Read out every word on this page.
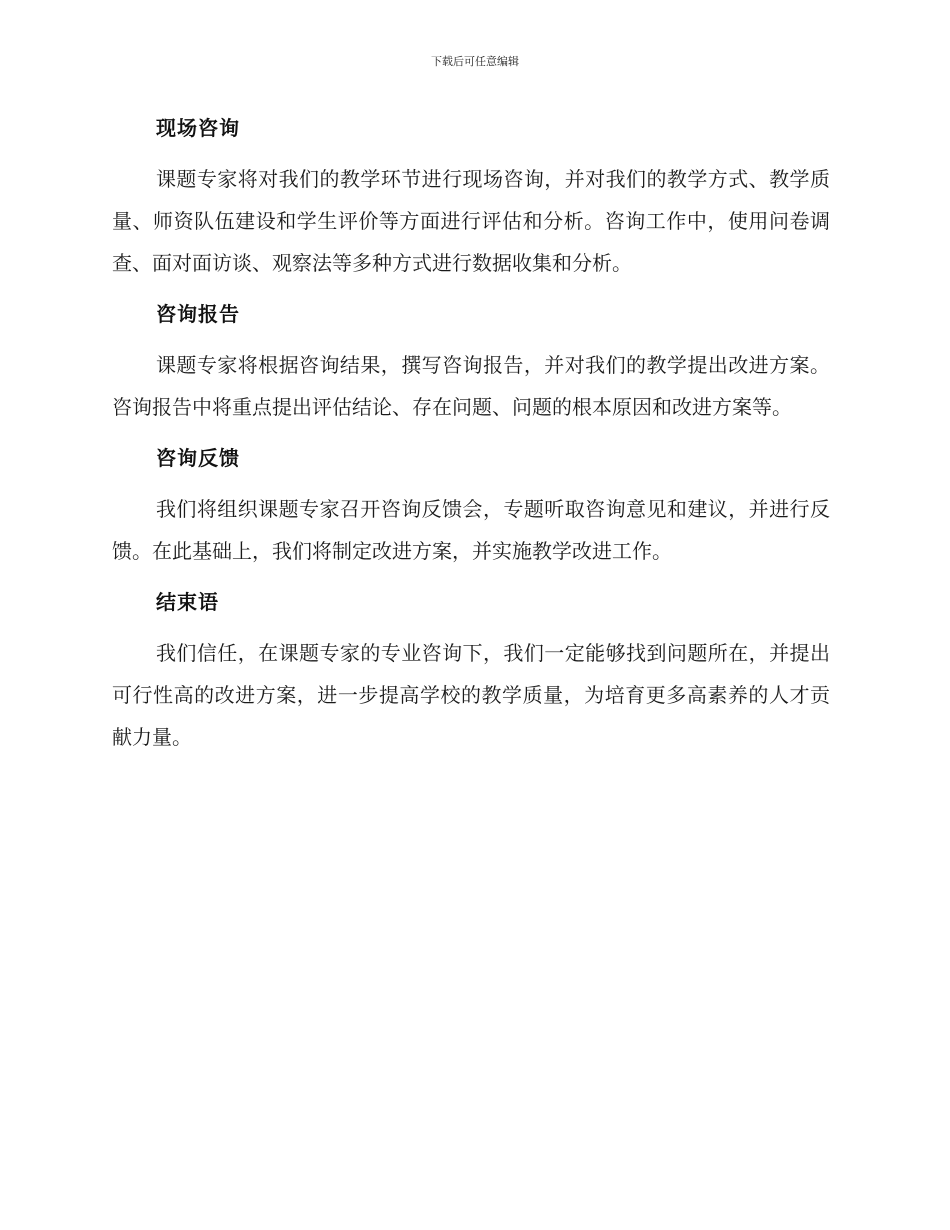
下载后可任意编辑
现场咨询

课题专家将对我们的教学环节进行现场咨询，并对我们的教学方式、教学质量、师资队伍建设和学生评价等方面进行评估和分析。咨询工作中，使用问卷调查、面对面访谈、观察法等多种方式进行数据收集和分析。

咨询报告

课题专家将根据咨询结果，撰写咨询报告，并对我们的教学提出改进方案。咨询报告中将重点提出评估结论、存在问题、问题的根本原因和改进方案等。

咨询反馈

我们将组织课题专家召开咨询反馈会，专题听取咨询意见和建议，并进行反馈。在此基础上，我们将制定改进方案，并实施教学改进工作。

结束语

我们信任，在课题专家的专业咨询下，我们一定能够找到问题所在，并提出可行性高的改进方案，进一步提高学校的教学质量，为培育更多高素养的人才贡献力量。
